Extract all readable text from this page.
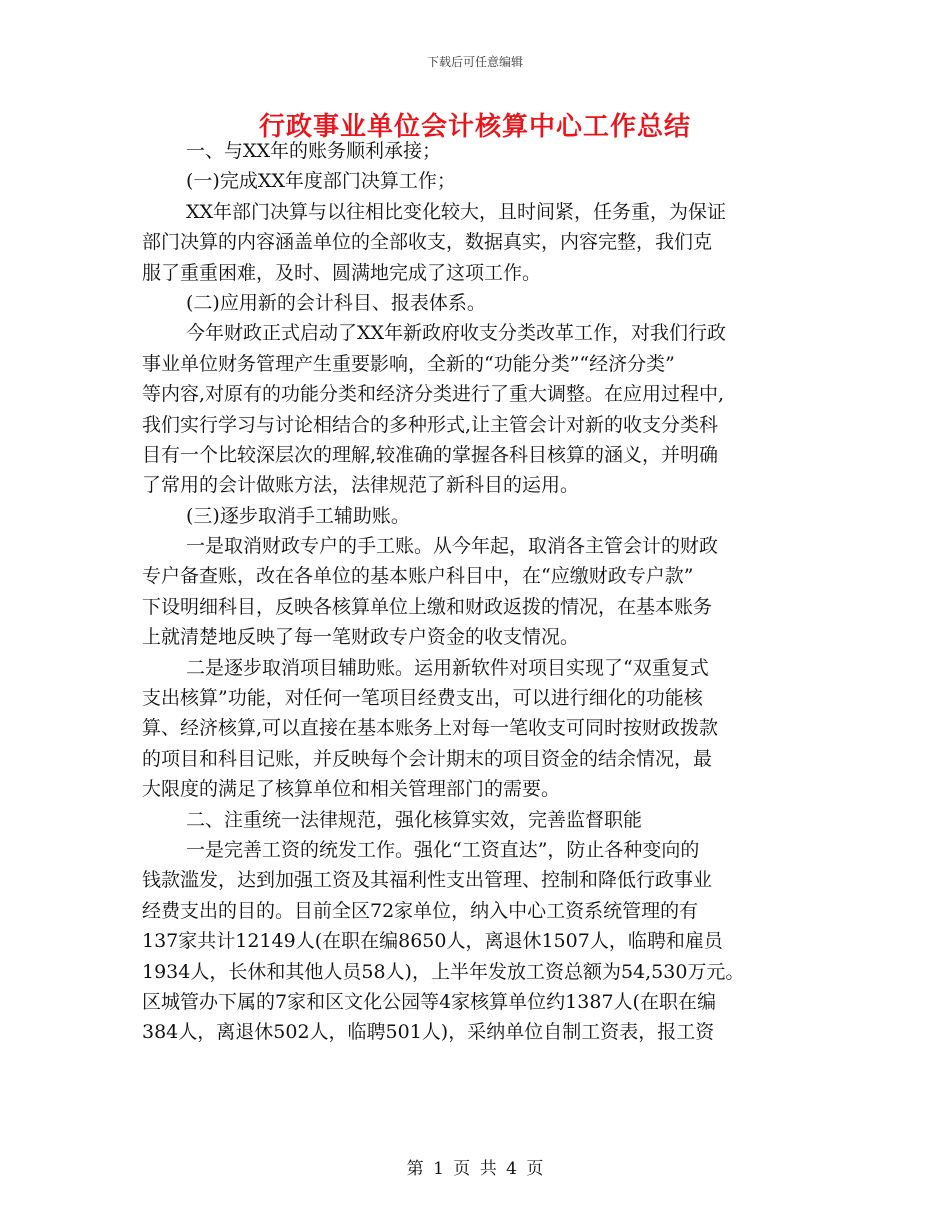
下载后可任意编辑
行政事业单位会计核算中心工作总结
一、与XX年的账务顺利承接；
(一)完成XX年度部门决算工作；
XX年部门决算与以往相比变化较大，且时间紧，任务重，为保证
部门决算的内容涵盖单位的全部收支，数据真实，内容完整，我们克
服了重重困难，及时、圆满地完成了这项工作。
(二)应用新的会计科目、报表体系。
今年财政正式启动了XX年新政府收支分类改革工作，对我们行政
事业单位财务管理产生重要影响，全新的“功能分类”“经济分类”
等内容,对原有的功能分类和经济分类进行了重大调整。在应用过程中,
我们实行学习与讨论相结合的多种形式,让主管会计对新的收支分类科
目有一个比较深层次的理解,较准确的掌握各科目核算的涵义，并明确
了常用的会计做账方法，法律规范了新科目的运用。
(三)逐步取消手工辅助账。
一是取消财政专户的手工账。从今年起，取消各主管会计的财政
专户备查账，改在各单位的基本账户科目中，在“应缴财政专户款”
下设明细科目，反映各核算单位上缴和财政返拨的情况，在基本账务
上就清楚地反映了每一笔财政专户资金的收支情况。
二是逐步取消项目辅助账。运用新软件对项目实现了“双重复式
支出核算”功能，对任何一笔项目经费支出，可以进行细化的功能核
算、经济核算,可以直接在基本账务上对每一笔收支可同时按财政拨款
的项目和科目记账，并反映每个会计期末的项目资金的结余情况，最
大限度的满足了核算单位和相关管理部门的需要。
二、注重统一法律规范，强化核算实效，完善监督职能
一是完善工资的统发工作。强化“工资直达”，防止各种变向的
钱款滥发，达到加强工资及其福利性支出管理、控制和降低行政事业
经费支出的目的。目前全区72家单位，纳入中心工资系统管理的有
137家共计12149人(在职在编8650人，离退休1507人，临聘和雇员
1934人，长休和其他人员58人)，上半年发放工资总额为54,530万元。
区城管办下属的7家和区文化公园等4家核算单位约1387人(在职在编
384人，离退休502人，临聘501人)，采纳单位自制工资表，报工资
第 1 页 共 4 页
